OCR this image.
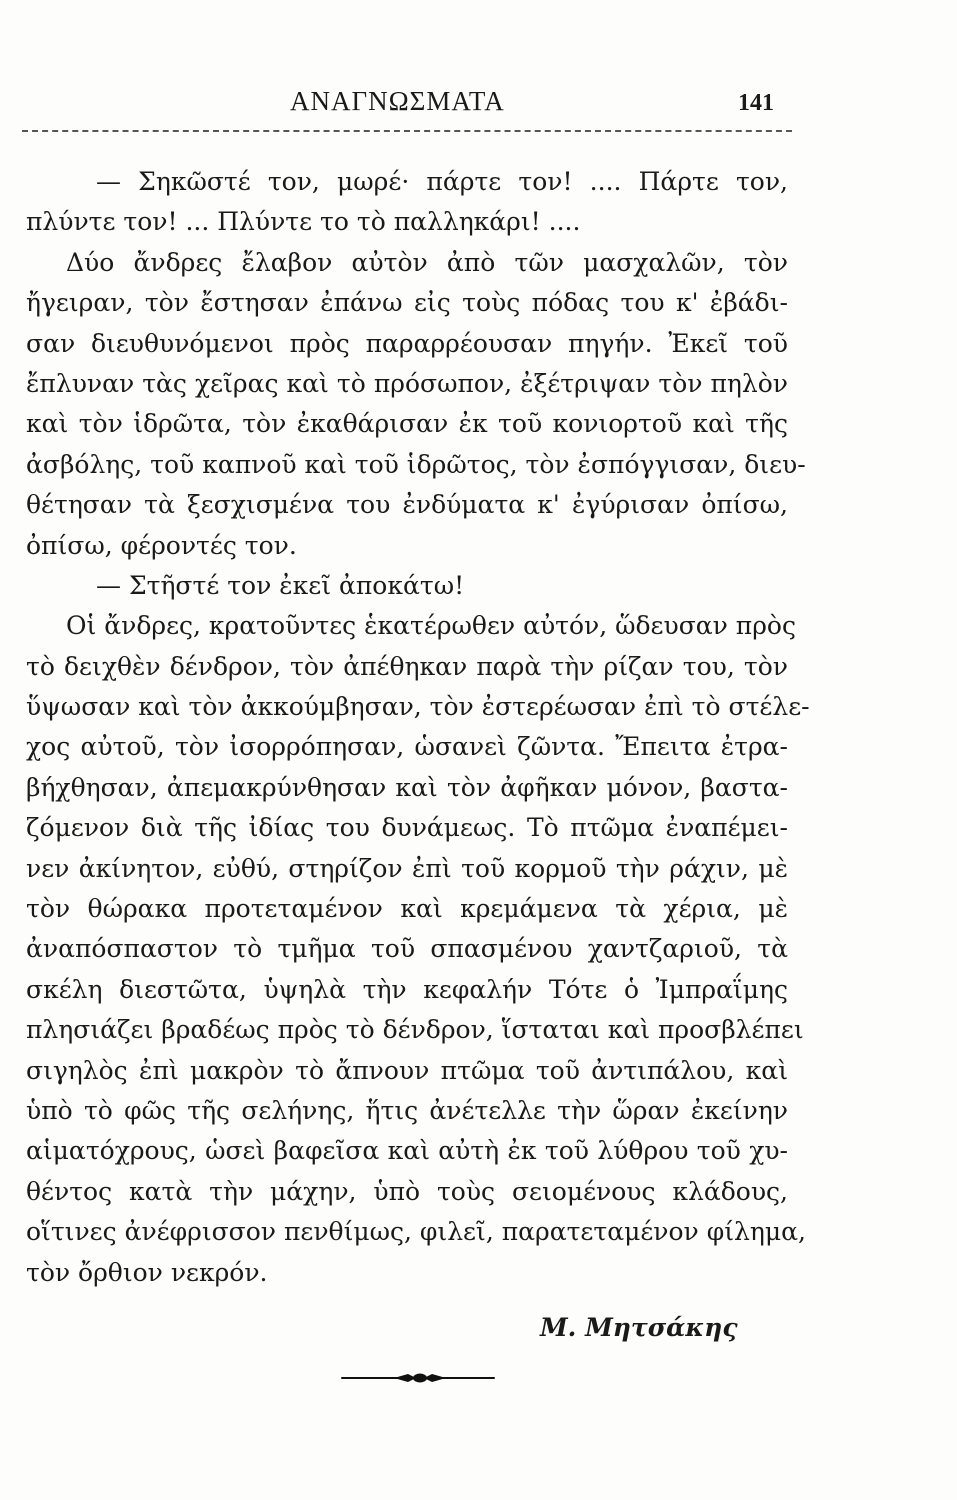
ΑΝΑΓΝΩΣΜΑΤΑ	141
— Σηκῶστέ τον, μωρέ· πάρτε τον! .... Πάρτε τον,
πλύντε τον! ... Πλύντε το τὸ παλληκάρι! ....
Δύο ἄνδρες ἔλαβον αὐτὸν ἀπὸ τῶν μασχαλῶν, τὸν
ἤγειραν, τὸν ἔστησαν ἐπάνω εἰς τοὺς πόδας του κ' ἐβάδι-
σαν διευθυνόμενοι πρὸς παραρρέουσαν πηγήν. Ἐκεῖ τοῦ
ἔπλυναν τὰς χεῖρας καὶ τὸ πρόσωπον, ἐξέτριψαν τὸν πηλὸν
καὶ τὸν ἱδρῶτα, τὸν ἐκαθάρισαν ἐκ τοῦ κονιορτοῦ καὶ τῆς
ἀσβόλης, τοῦ καπνοῦ καὶ τοῦ ἱδρῶτος, τὸν ἐσπόγγισαν, διευ-
θέτησαν τὰ ξεσχισμένα του ἐνδύματα κ' ἐγύρισαν ὀπίσω,
ὀπίσω, φέροντές τον.
— Στῆστέ τον ἐκεῖ ἀποκάτω!
Οἱ ἄνδρες, κρατοῦντες ἑκατέρωθεν αὐτόν, ὥδευσαν πρὸς
τὸ δειχθὲν δένδρον, τὸν ἀπέθηκαν παρὰ τὴν ρίζαν του, τὸν
ὕψωσαν καὶ τὸν ἀκκούμβησαν, τὸν ἐστερέωσαν ἐπὶ τὸ στέλε-
χος αὐτοῦ, τὸν ἰσορρόπησαν, ὡσανεὶ ζῶντα. Ἔπειτα ἐτρα-
βήχθησαν, ἀπεμακρύνθησαν καὶ τὸν ἀφῆκαν μόνον, βαστα-
ζόμενον διὰ τῆς ἰδίας του δυνάμεως. Τὸ πτῶμα ἐναπέμει-
νεν ἀκίνητον, εὐθύ, στηρίζον ἐπὶ τοῦ κορμοῦ τὴν ράχιν, μὲ
τὸν θώρακα προτεταμένον καὶ κρεμάμενα τὰ χέρια, μὲ
ἀναπόσπαστον τὸ τμῆμα τοῦ σπασμένου χαντζαριοῦ, τὰ
σκέλη διεστῶτα, ὑψηλὰ τὴν κεφαλήν Τότε ὁ Ἰμπραΐμης
πλησιάζει βραδέως πρὸς τὸ δένδρον, ἵσταται καὶ προσβλέπει
σιγηλὸς ἐπὶ μακρὸν τὸ ἄπνουν πτῶμα τοῦ ἀντιπάλου, καὶ
ὑπὸ τὸ φῶς τῆς σελήνης, ἥτις ἀνέτελλε τὴν ὥραν ἐκείνην
αἱματόχρους, ὡσεὶ βαφεῖσα καὶ αὐτὴ ἐκ τοῦ λύθρου τοῦ χυ-
θέντος κατὰ τὴν μάχην, ὑπὸ τοὺς σειομένους κλάδους,
οἵτινες ἀνέφρισσον πενθίμως, φιλεῖ, παρατεταμένον φίλημα,
τὸν ὄρθιον νεκρόν.
Μ. Μητσάκης
